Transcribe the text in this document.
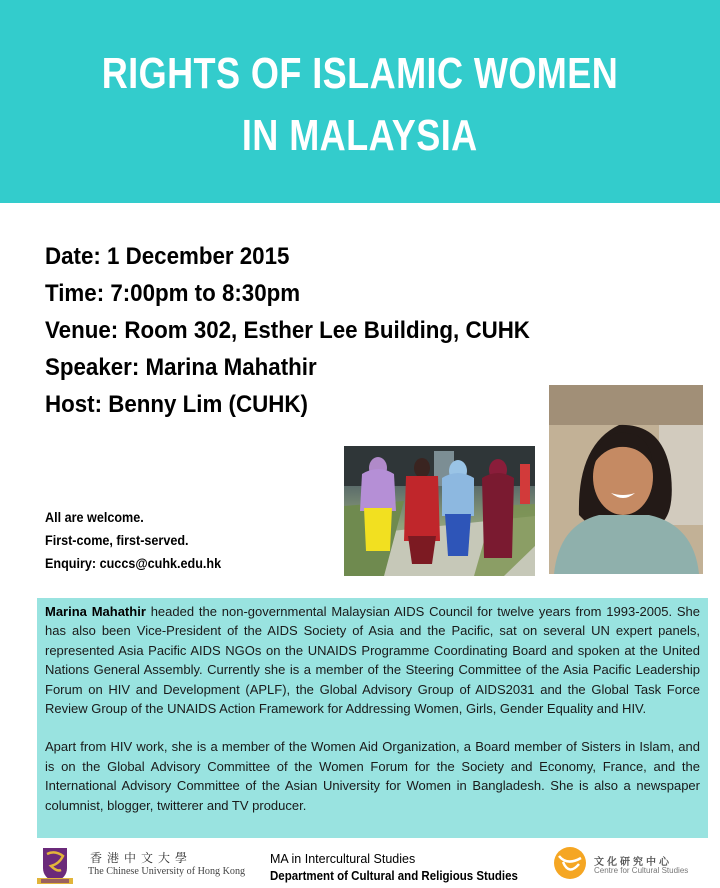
RIGHTS OF ISLAMIC WOMEN
IN MALAYSIA
Date: 1 December 2015
Time: 7:00pm to 8:30pm
Venue: Room 302, Esther Lee Building, CUHK
Speaker: Marina Mahathir
Host: Benny Lim (CUHK)
All are welcome.
First-come, first-served.
Enquiry: cuccs@cuhk.edu.hk

Marina Mahathir headed the non-governmental Malaysian AIDS Council for twelve years from 1993-2005. She has also been Vice-President of the AIDS Society of Asia and the Pacific, sat on several UN expert panels, represented Asia Pacific AIDS NGOs on the UNAIDS Programme Coordinating Board and spoken at the United Nations General Assembly. Currently she is a member of the Steering Committee of the Asia Pacific Leadership Forum on HIV and Development (APLF), the Global Advisory Group of AIDS2031 and the Global Task Force Review Group of the UNAIDS Action Framework for Addressing Women, Girls, Gender Equality and HIV.

Apart from HIV work, she is a member of the Women Aid Organization, a Board member of Sisters in Islam, and is on the Global Advisory Committee of the Women Forum for the Society and Economy, France, and the International Advisory Committee of the Asian University for Women in Bangladesh. She is also a newspaper columnist, blogger, twitterer and TV producer.

香港中文大學
The Chinese University of Hong Kong
MA in Intercultural Studies
Department of Cultural and Religious Studies
文化研究中心
Centre for Cultural Studies
